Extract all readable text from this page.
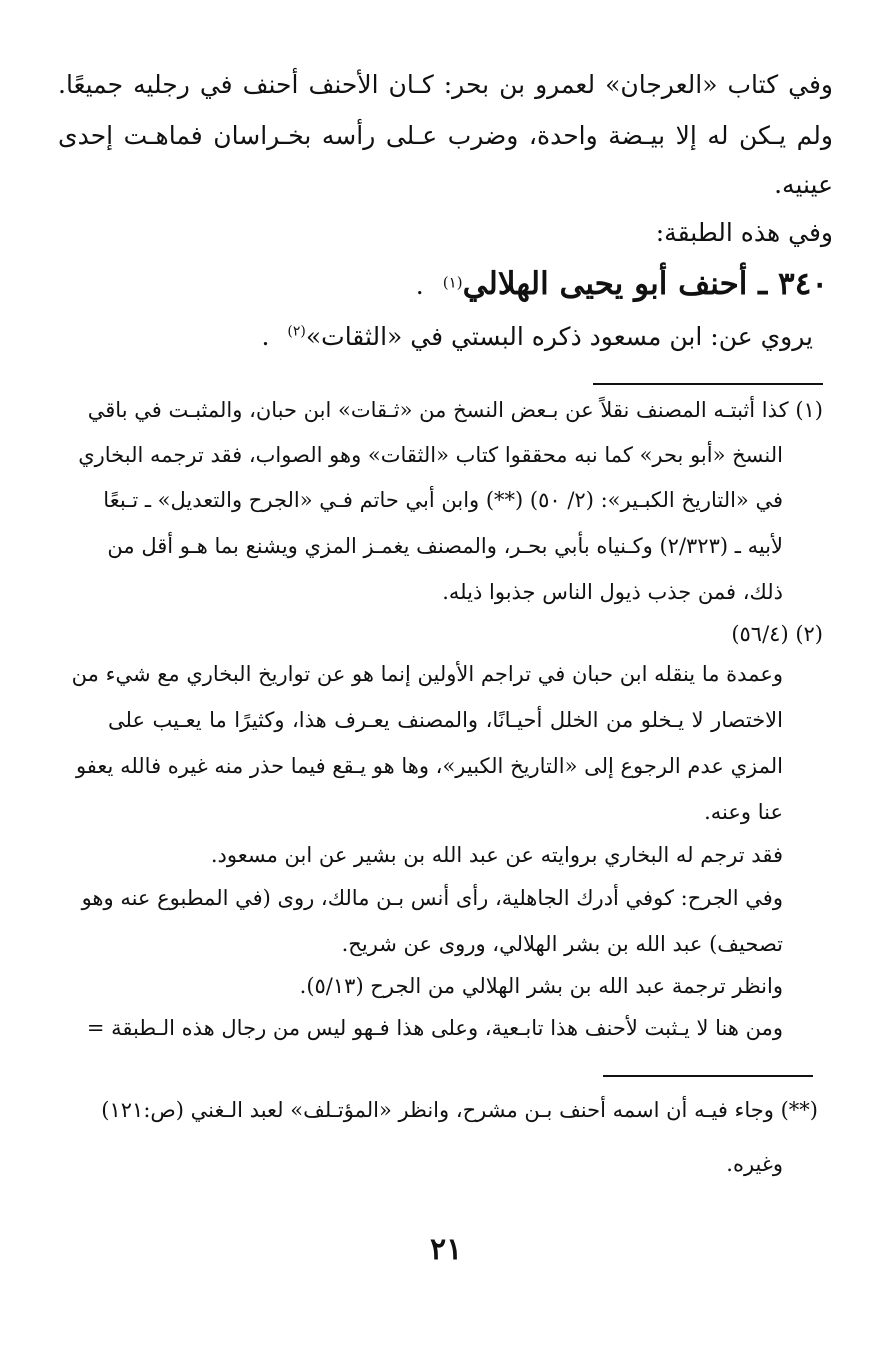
وفي كتاب «العرجان» لعمرو بن بحر: كـان الأحنف أحنف في رجليه جميعًا.
ولم يـكن له إلا بيـضة واحدة، وضرب عـلى رأسه بخـراسان فماهـت إحدى
عينيه.
وفي هذه الطبقة:
٣٤٠ ـ أحنف أبو يحيى الهلالي$^{(١)}$ .
يروي عن: ابن مسعود ذكره البستي في «الثقات»$^{(٢)}$ .
(١) كذا أثبتـه المصنف نقلاً عن بـعض النسخ من «ثـقات» ابن حبان، والمثبـت في باقي
النسخ «أبو بحر» كما نبه محققوا كتاب «الثقات» وهو الصواب، فقد ترجمه البخاري
في «التاريخ الكبـير»: (٢/ ٥٠) (**) وابن أبي حاتم فـي «الجرح والتعديل» ـ تـبعًا
لأبيه ـ (٢/٣٢٣) وكـنياه بأبي بحـر، والمصنف يغمـز المزي ويشنع بما هـو أقل من
ذلك، فمن جذب ذيول الناس جذبوا ذيله.
(٢) (٥٦/٤)
وعمدة ما ينقله ابن حبان في تراجم الأولين إنما هو عن تواريخ البخاري مع شيء من
الاختصار لا يـخلو من الخلل أحيـانًا، والمصنف يعـرف هذا، وكثيرًا ما يعـيب على
المزي عدم الرجوع إلى «التاريخ الكبير»، وها هو يـقع فيما حذر منه غيره فالله يعفو
عنا وعنه.
فقد ترجم له البخاري بروايته عن عبد الله بن بشير عن ابن مسعود.
وفي الجرح: كوفي أدرك الجاهلية، رأى أنس بـن مالك، روى (في المطبوع عنه وهو
تصحيف) عبد الله بن بشر الهلالي، وروى عن شريح.
وانظر ترجمة عبد الله بن بشر الهلالي من الجرح (٥/١٣).
ومن هنا لا يـثبت لأحنف هذا تابـعية، وعلى هذا فـهو ليس من رجال هذه الـطبقة =
(**) وجاء فيـه أن اسمه أحنف بـن مشرح، وانظر «المؤتـلف» لعبد الـغني (ص:١٢١)
وغيره.
٢١
